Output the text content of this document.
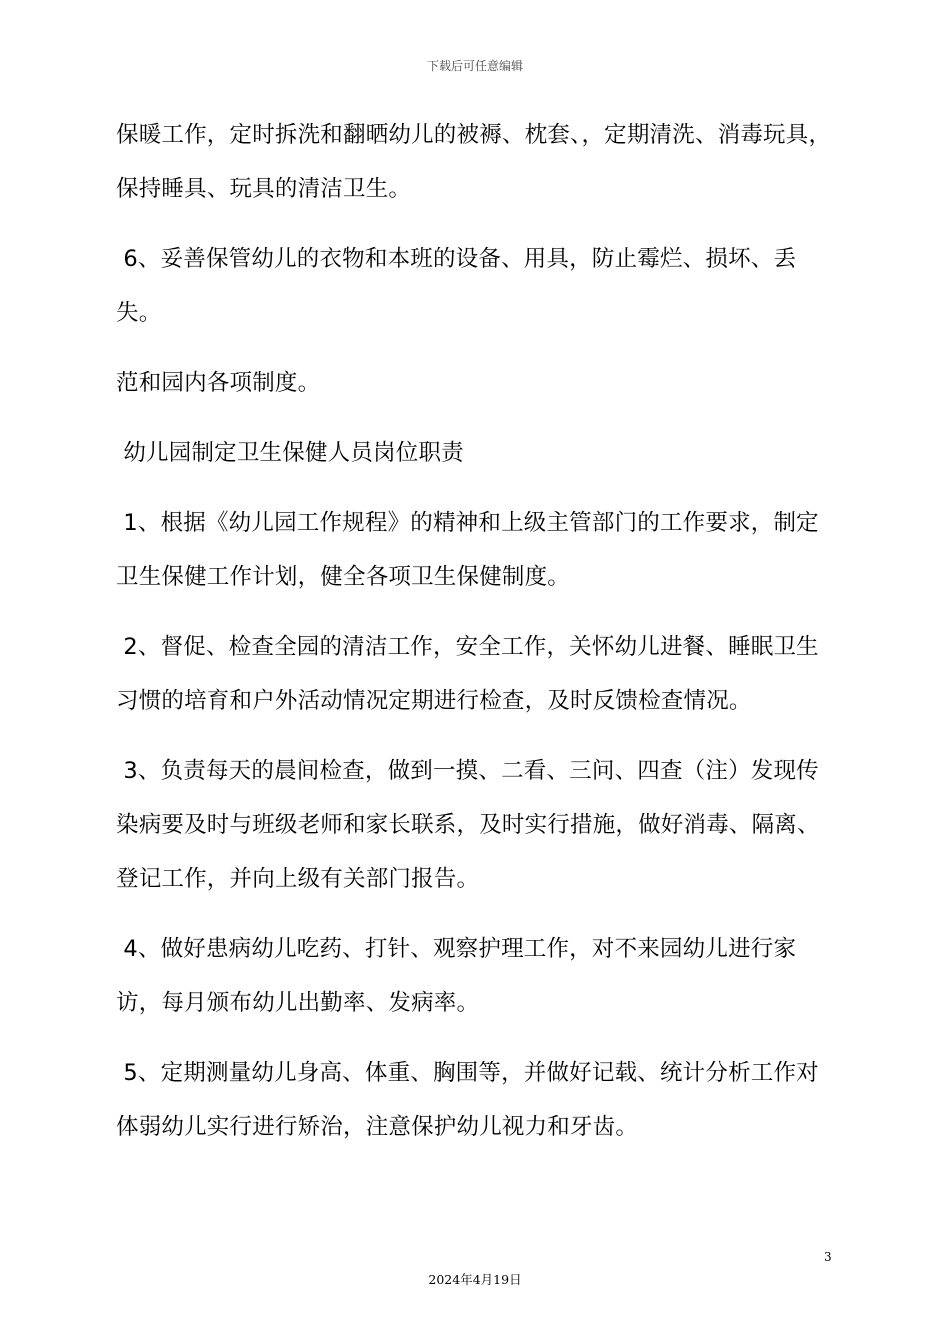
下载后可任意编辑

保暖工作，定时拆洗和翻晒幼儿的被褥、枕套、，定期清洗、消毒玩具，保持睡具、玩具的清洁卫生。

6、妥善保管幼儿的衣物和本班的设备、用具，防止霉烂、损坏、丢失。

范和园内各项制度。

幼儿园制定卫生保健人员岗位职责

1、根据《幼儿园工作规程》的精神和上级主管部门的工作要求，制定卫生保健工作计划，健全各项卫生保健制度。

2、督促、检查全园的清洁工作，安全工作，关怀幼儿进餐、睡眠卫生习惯的培育和户外活动情况定期进行检查，及时反馈检查情况。

3、负责每天的晨间检查，做到一摸、二看、三问、四查（注）发现传染病要及时与班级老师和家长联系，及时实行措施，做好消毒、隔离、登记工作，并向上级有关部门报告。

4、做好患病幼儿吃药、打针、观察护理工作，对不来园幼儿进行家访，每月颁布幼儿出勤率、发病率。

5、定期测量幼儿身高、体重、胸围等，并做好记载、统计分析工作对体弱幼儿实行进行矫治，注意保护幼儿视力和牙齿。

3
2024年4月19日
